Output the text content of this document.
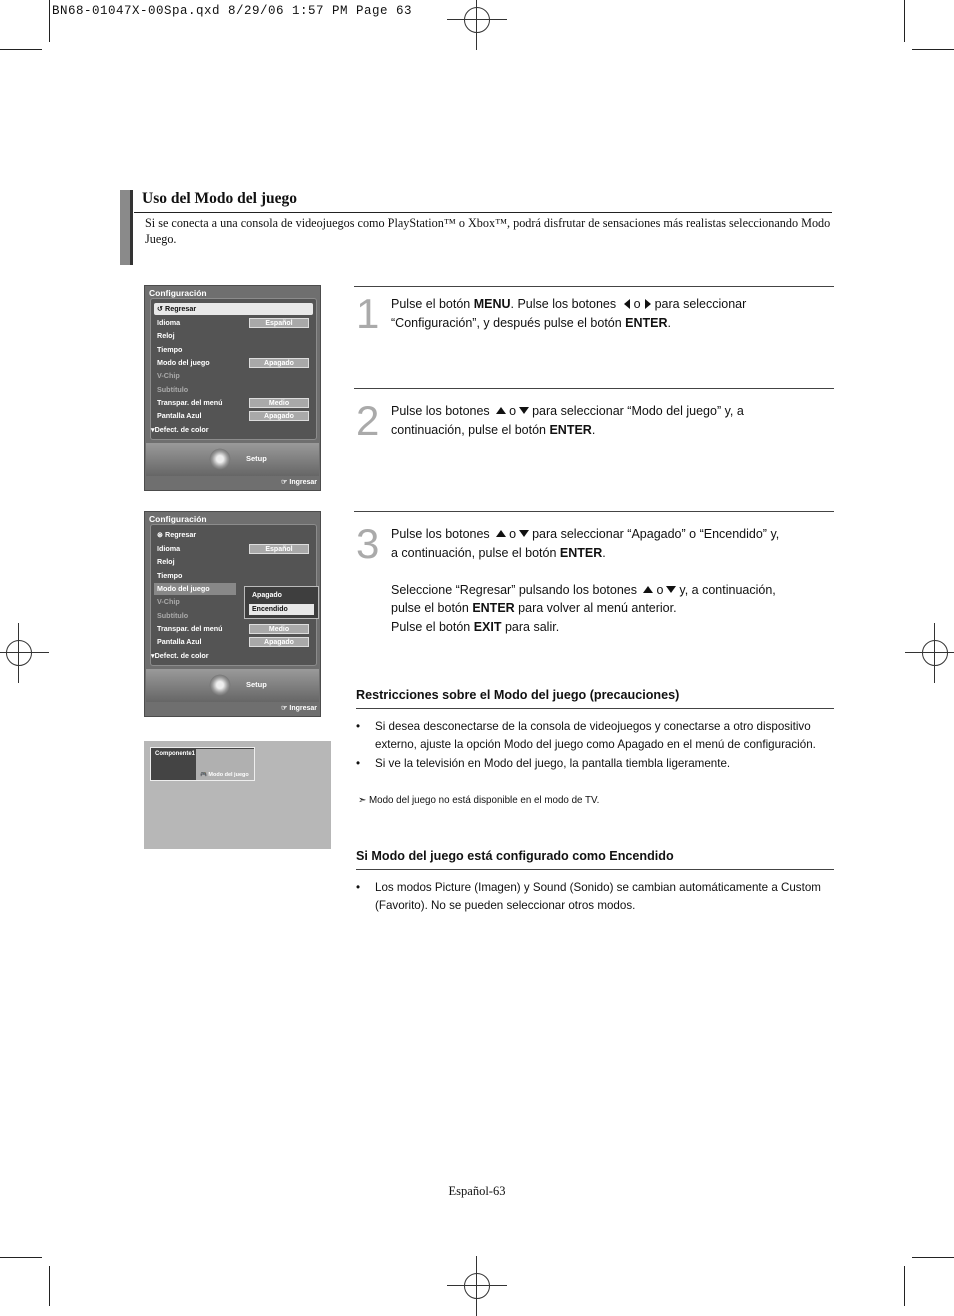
BN68-01047X-00Spa.qxd 8/29/06 1:57 PM Page 63
Uso del Modo del juego
Si se conecta a una consola de videojuegos como PlayStation™ o Xbox™, podrá disfrutar de sensaciones más realistas seleccionando Modo Juego.
Configuración
↺ Regresar
Idioma	Español
Reloj
Tiempo
Modo del juego	Apagado
V-Chip
Subtítulo
Transpar. del menú	Medio
Pantalla Azul	Apagado
▾Defect. de color
Setup
☞ Ingresar
Configuración
⊛ Regresar
Idioma	Español
Reloj
Tiempo
Modo del juego
V-Chip
Subtítulo
Transpar. del menú	Medio
Pantalla Azul	Apagado
▾Defect. de color
Apagado
Encendido
Setup
☞ Ingresar
Componente1
🎮 Modo del juego
1 Pulse el botón MENU. Pulse los botones o para seleccionar
“Configuración”, y después pulse el botón ENTER.
2 Pulse los botones o para seleccionar “Modo del juego” y, a
continuación, pulse el botón ENTER.
3 Pulse los botones o para seleccionar “Apagado” o “Encendido” y,
a continuación, pulse el botón ENTER.

Seleccione “Regresar” pulsando los botones o y, a continuación,
pulse el botón ENTER para volver al menú anterior.
Pulse el botón EXIT para salir.
Restricciones sobre el Modo del juego (precauciones)
• Si desea desconectarse de la consola de videojuegos y conectarse a otro dispositivo externo, ajuste la opción Modo del juego como Apagado en el menú de configuración.
• Si ve la televisión en Modo del juego, la pantalla tiembla ligeramente.
➣ Modo del juego no está disponible en el modo de TV.
Si Modo del juego está configurado como Encendido
• Los modos Picture (Imagen) y Sound (Sonido) se cambian automáticamente a Custom (Favorito). No se pueden seleccionar otros modos.
Español-63
